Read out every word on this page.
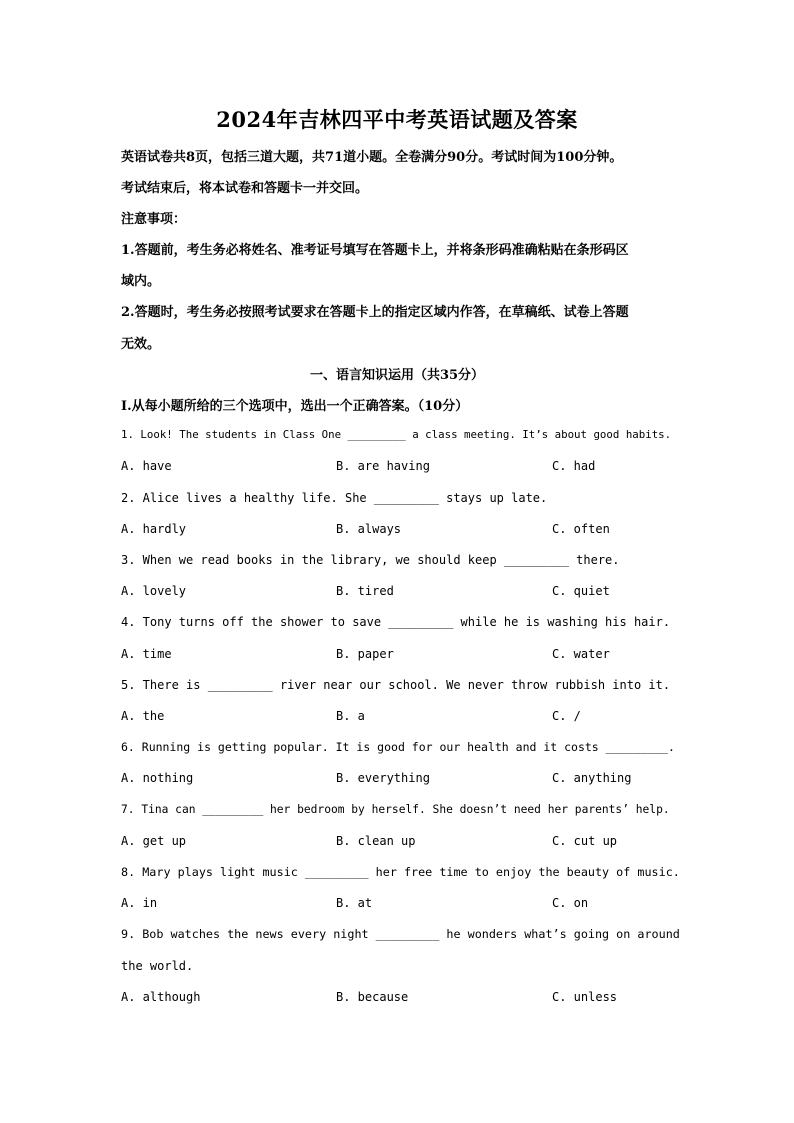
2024年吉林四平中考英语试题及答案
英语试卷共8页，包括三道大题，共71道小题。全卷满分90分。考试时间为100分钟。
考试结束后，将本试卷和答题卡一并交回。
注意事项：
1.答题前，考生务必将姓名、准考证号填写在答题卡上，并将条形码准确粘贴在条形码区
域内。
2.答题时，考生务必按照考试要求在答题卡上的指定区域内作答，在草稿纸、试卷上答题
无效。
一、语言知识运用（共35分）
Ⅰ.从每小题所给的三个选项中，选出一个正确答案。（10分）
1. Look! The students in Class One _________ a class meeting. It’s about good habits.
A. have	B. are having	C. had
2. Alice lives a healthy life. She _________ stays up late.
A. hardly	B. always	C. often
3. When we read books in the library, we should keep _________ there.
A. lovely	B. tired	C. quiet
4. Tony turns off the shower to save _________ while he is washing his hair.
A. time	B. paper	C. water
5. There is _________ river near our school. We never throw rubbish into it.
A. the	B. a	C. /
6. Running is getting popular. It is good for our health and it costs _________.
A. nothing	B. everything	C. anything
7. Tina can _________ her bedroom by herself. She doesn’t need her parents’ help.
A. get up	B. clean up	C. cut up
8. Mary plays light music _________ her free time to enjoy the beauty of music.
A. in	B. at	C. on
9. Bob watches the news every night _________ he wonders what’s going on around
the world.
A. although	B. because	C. unless
